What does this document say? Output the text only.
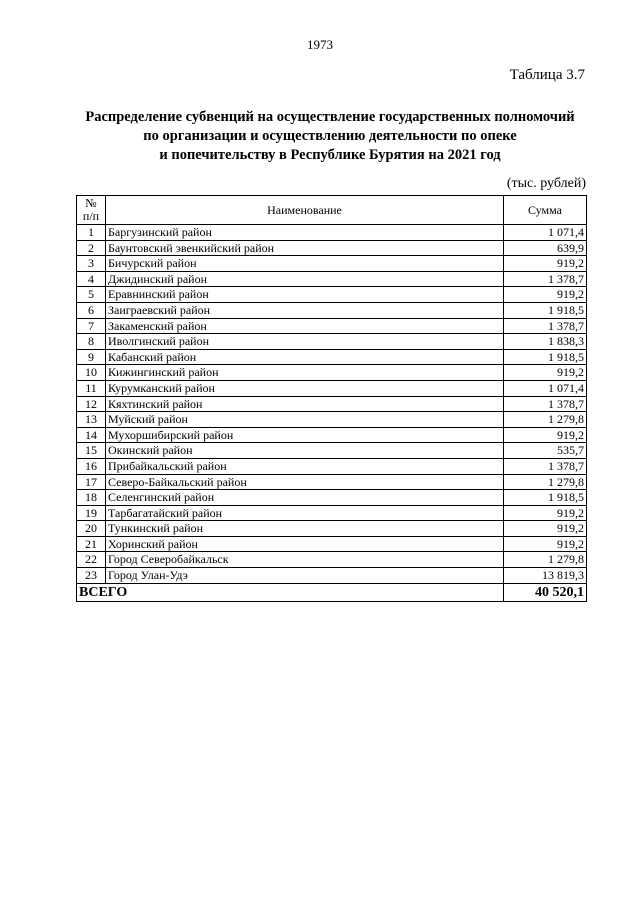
1973
Таблица 3.7
Распределение субвенций на осуществление государственных полномочий
по организации и осуществлению деятельности по опеке
и попечительству в Республике Бурятия на 2021 год
(тыс. рублей)
№ п/п	Наименование	Сумма
1	Баргузинский район	1 071,4
2	Баунтовский эвенкийский район	639,9
3	Бичурский район	919,2
4	Джидинский район	1 378,7
5	Еравнинский район	919,2
6	Заиграевский район	1 918,5
7	Закаменский район	1 378,7
8	Иволгинский район	1 838,3
9	Кабанский район	1 918,5
10	Кижингинский район	919,2
11	Курумканский район	1 071,4
12	Кяхтинский район	1 378,7
13	Муйский район	1 279,8
14	Мухоршибирский район	919,2
15	Окинский район	535,7
16	Прибайкальский район	1 378,7
17	Северо-Байкальский район	1 279,8
18	Селенгинский район	1 918,5
19	Тарбагатайский район	919,2
20	Тункинский район	919,2
21	Хоринский район	919,2
22	Город Северобайкальск	1 279,8
23	Город Улан-Удэ	13 819,3
ВСЕГО		40 520,1
